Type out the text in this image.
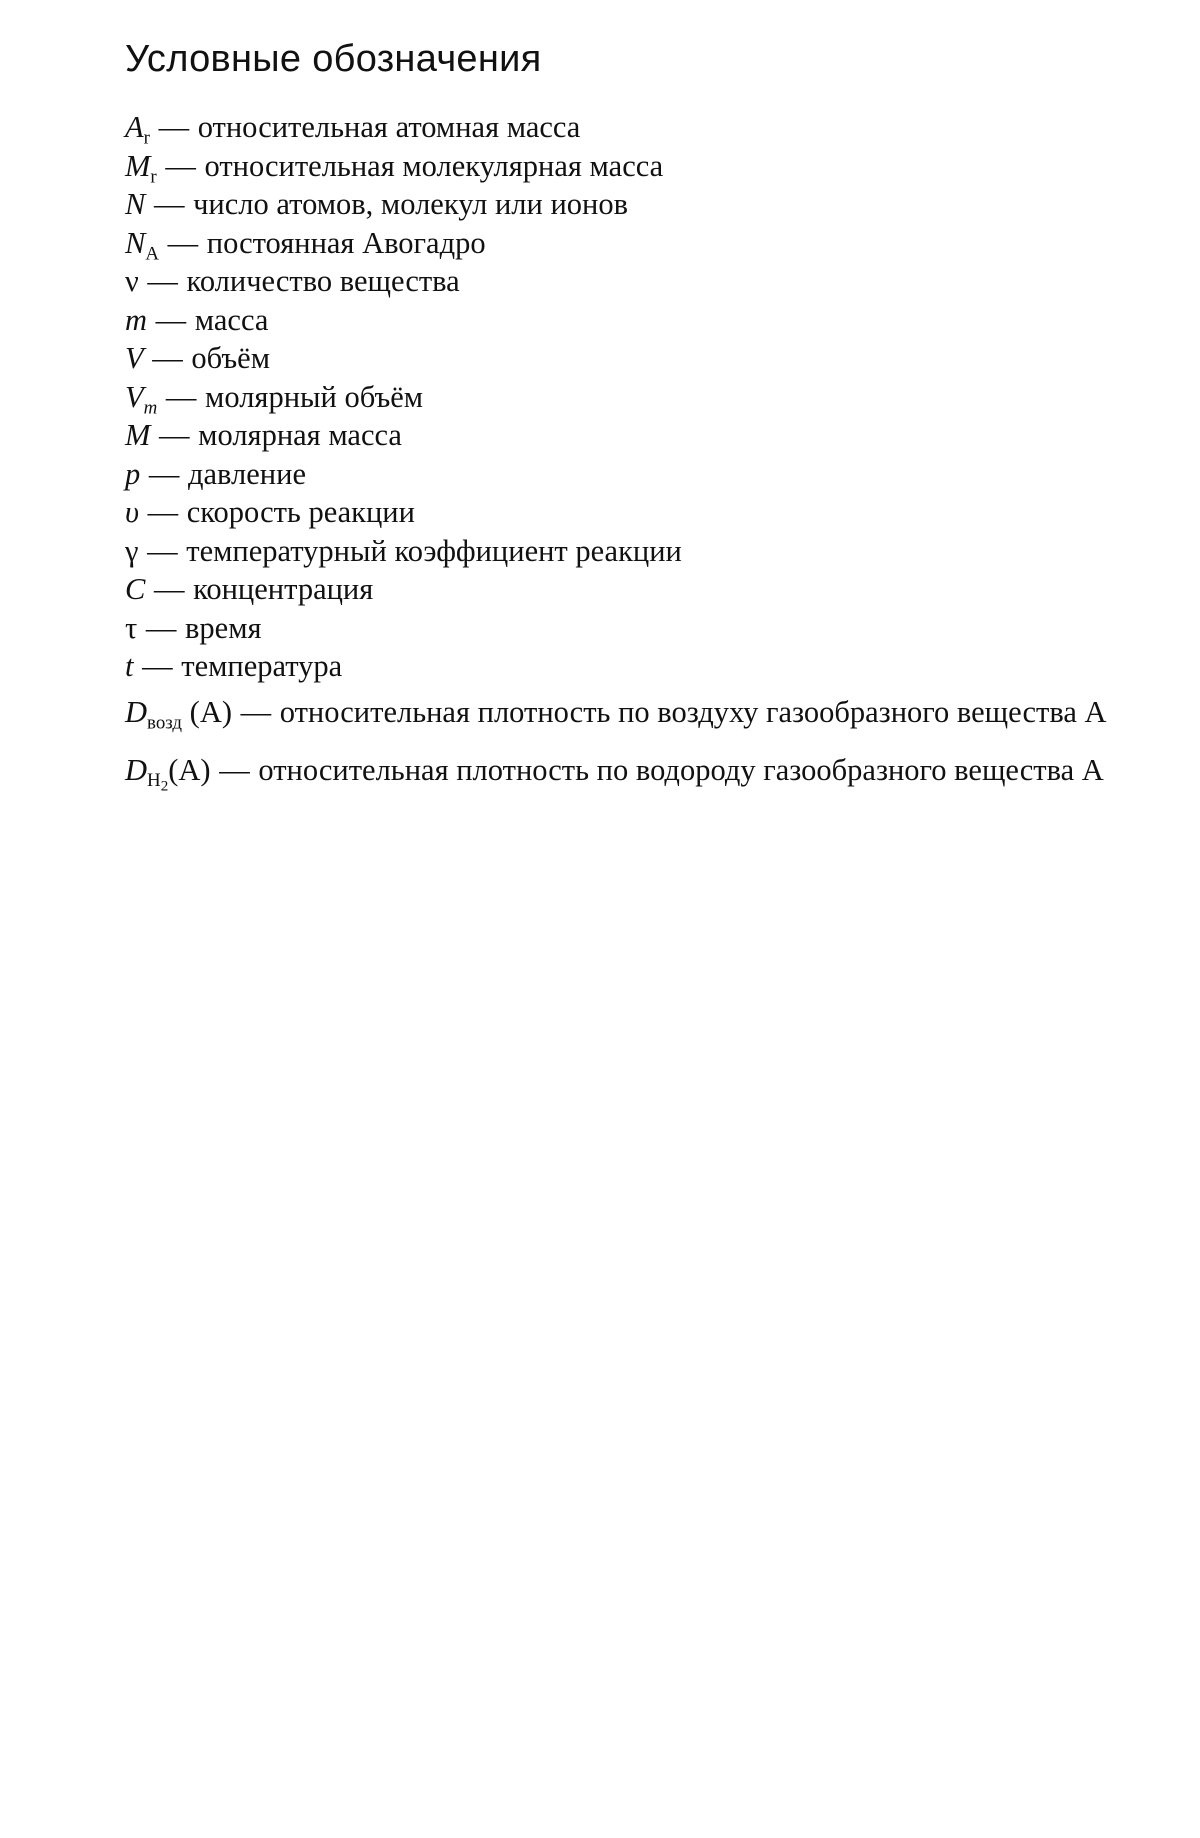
Условные обозначения
$A_r$ — относительная атомная масса
$M_r$ — относительная молекулярная масса
N — число атомов, молекул или ионов
$N_A$ — постоянная Авогадро
ν — количество вещества
m — масса
V — объём
$V_m$ — молярный объём
M — молярная масса
p — давление
υ — скорость реакции
γ — температурный коэффициент реакции
C — концентрация
τ — время
t — температура
$D_{возд}$ (A) — относительная плотность по воздуху газообразного вещества А
$D_{H_2}(A)$ — относительная плотность по водороду газообразного вещества А
